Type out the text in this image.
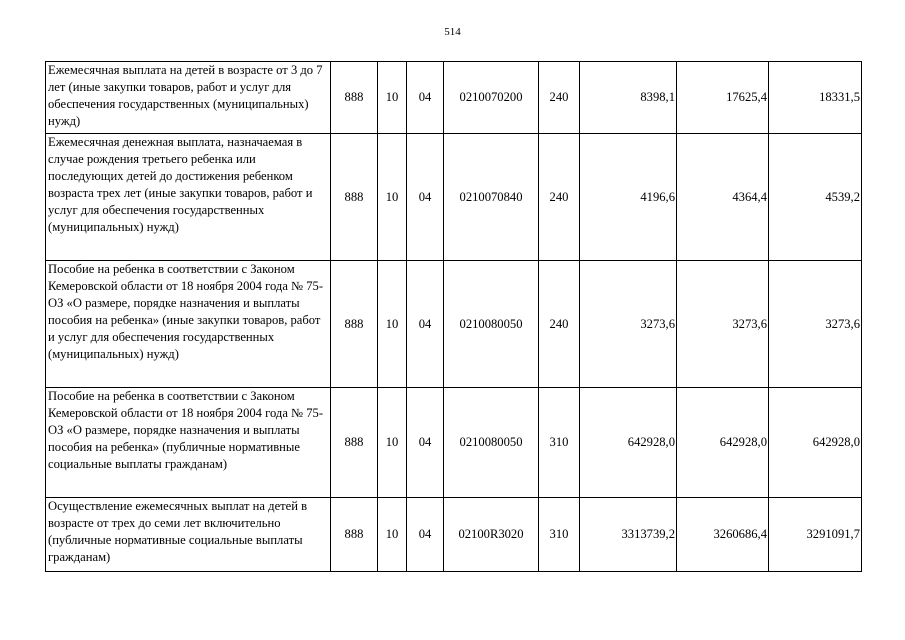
514
Ежемесячная выплата на детей в возрасте от 3 до 7 лет (иные закупки товаров, работ и услуг для обеспечения государственных (муниципальных) нужд)	888	10	04	0210070200	240	8398,1	17625,4	18331,5
Ежемесячная денежная выплата, назначаемая в случае рождения третьего ребенка или последующих детей до достижения ребенком возраста трех лет (иные закупки товаров, работ и услуг для обеспечения государственных (муниципальных) нужд)	888	10	04	0210070840	240	4196,6	4364,4	4539,2
Пособие на ребенка в соответствии с Законом Кемеровской области от 18 ноября 2004 года № 75-ОЗ «О размере, порядке назначения и выплаты пособия на ребенка» (иные закупки товаров, работ и услуг для обеспечения государственных (муниципальных) нужд)	888	10	04	0210080050	240	3273,6	3273,6	3273,6
Пособие на ребенка в соответствии с Законом Кемеровской области от 18 ноября 2004 года № 75-ОЗ «О размере, порядке назначения и выплаты пособия на ребенка» (публичные нормативные социальные выплаты гражданам)	888	10	04	0210080050	310	642928,0	642928,0	642928,0
Осуществление ежемесячных выплат на детей в возрасте от трех до семи лет включительно (публичные нормативные социальные выплаты гражданам)	888	10	04	02100R3020	310	3313739,2	3260686,4	3291091,7
